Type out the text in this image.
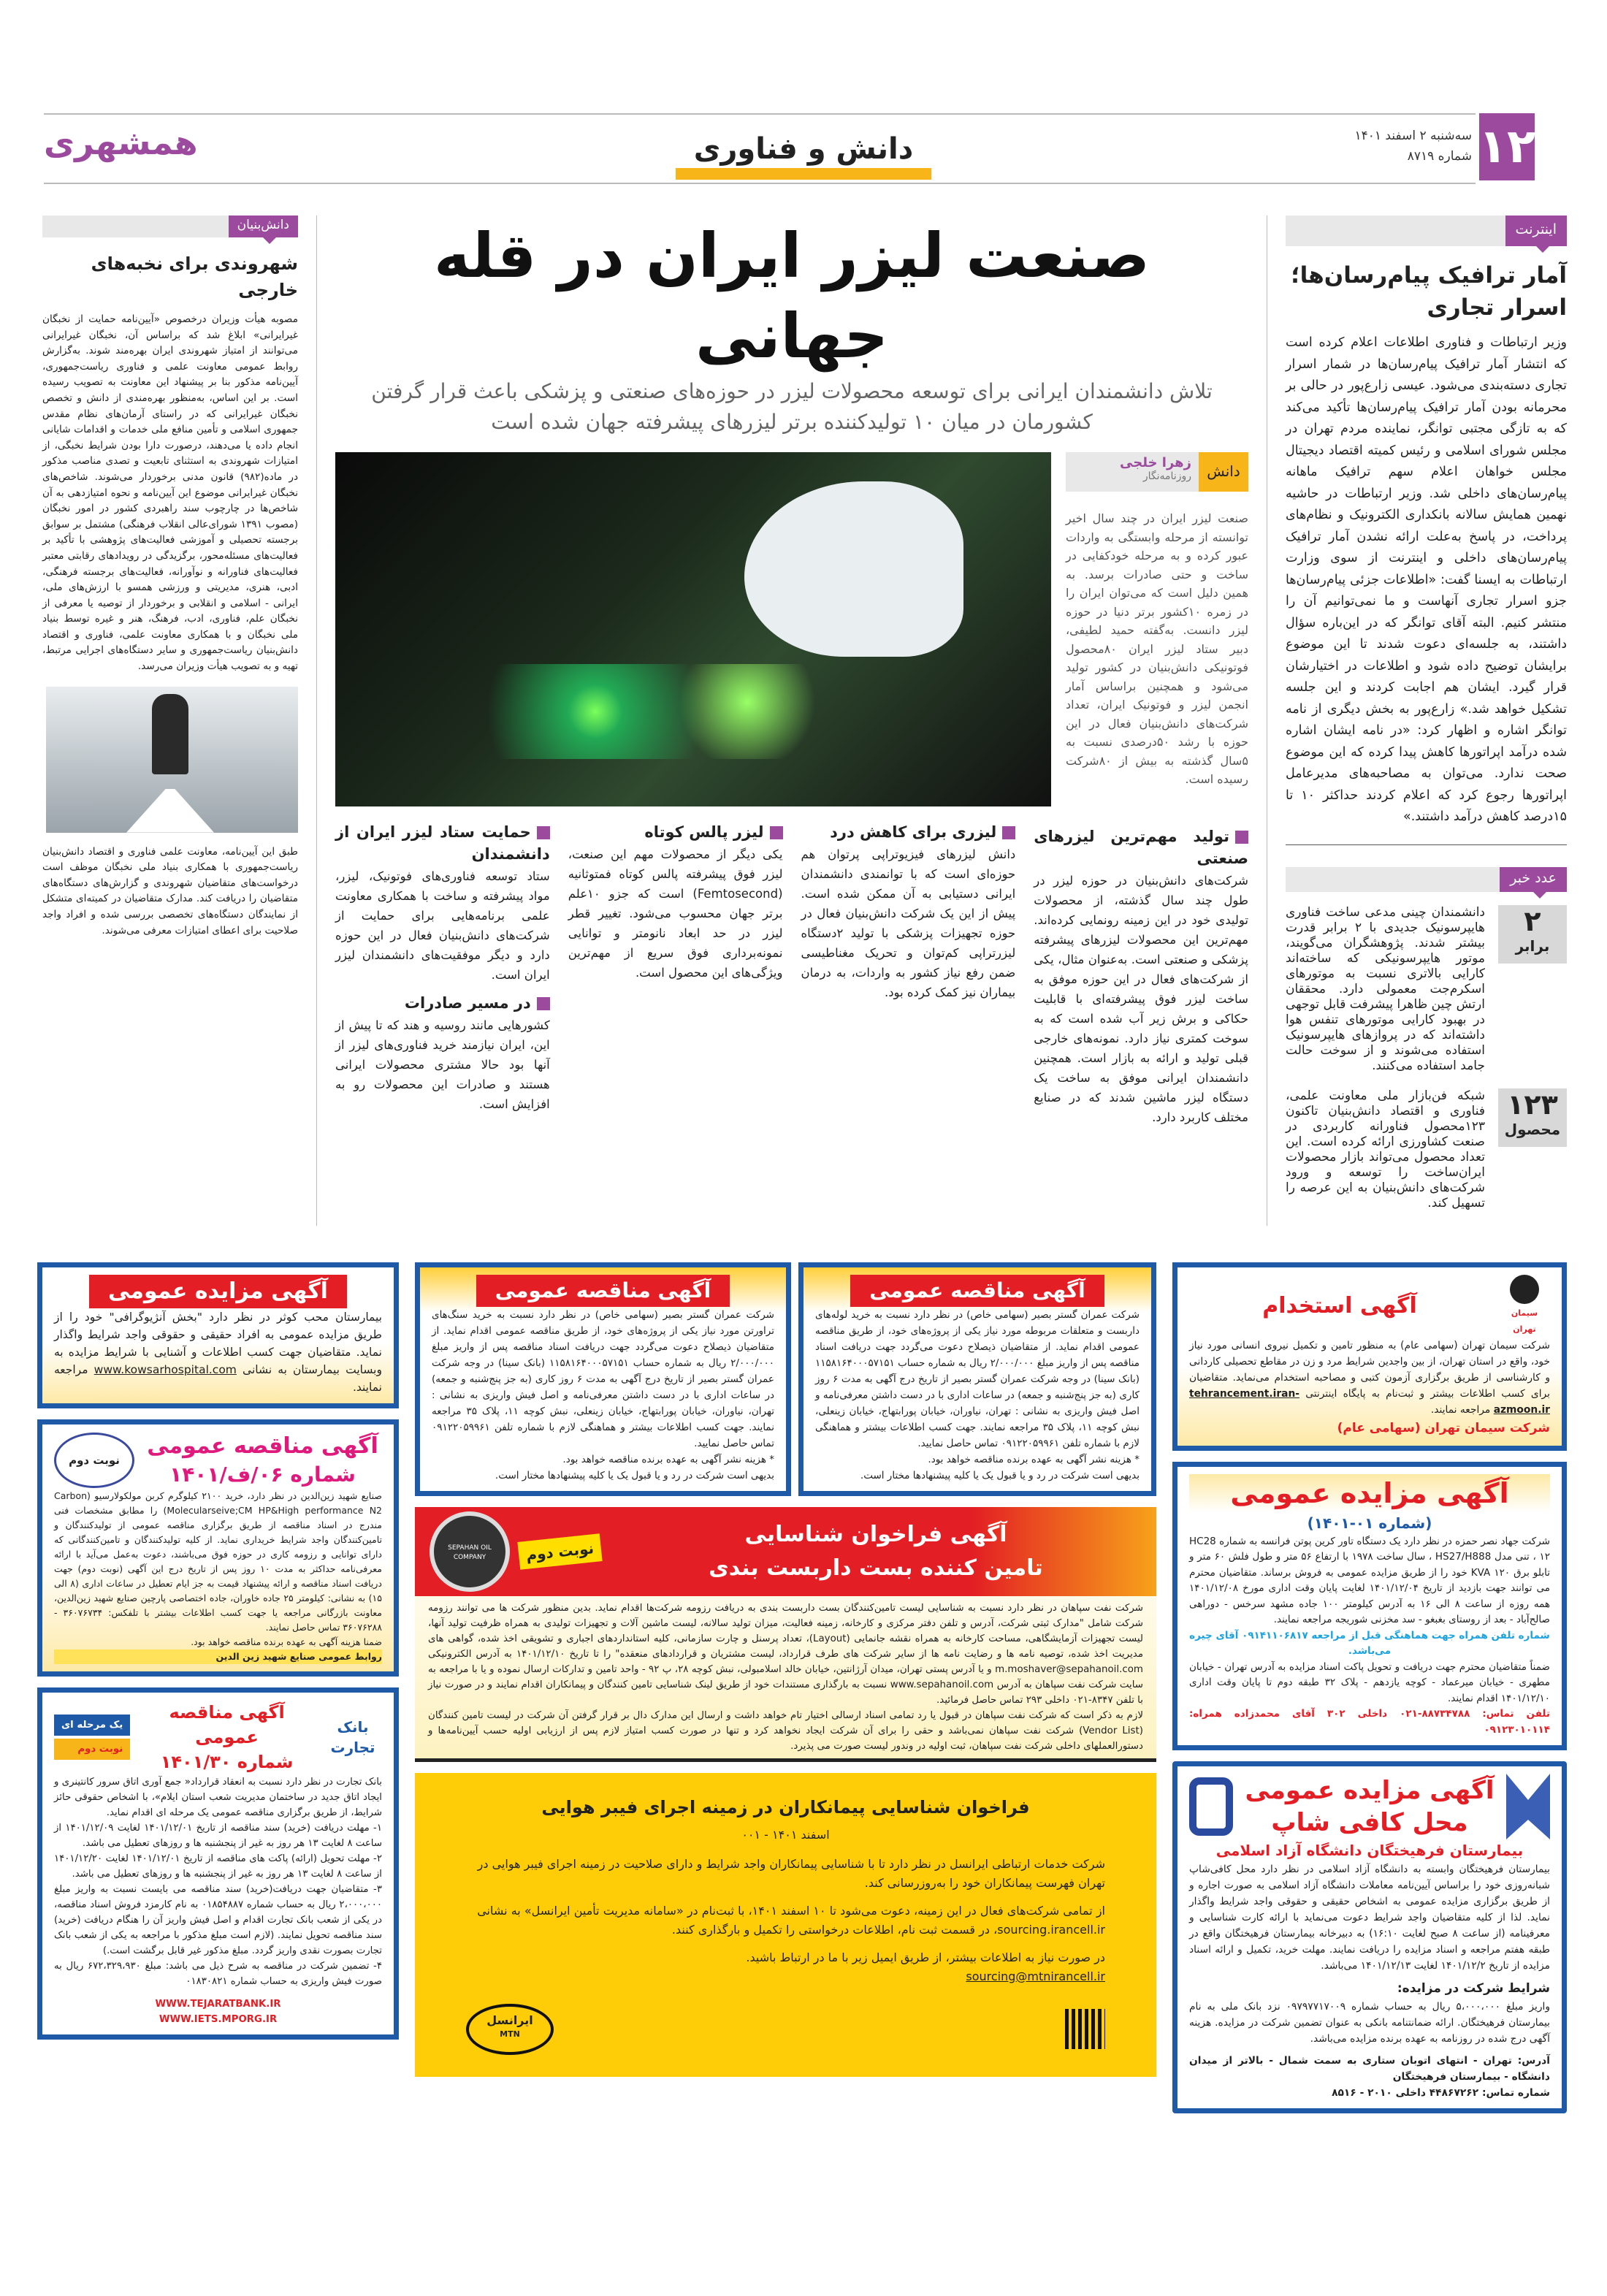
۱۲
سه‌شنبه ۲ اسفند ۱۴۰۱
شماره ۸۷۱۹
همشهری	دانش و فناوری
اینترنت
آمار ترافیک پیام‌رسان‌ها؛ اسرار تجاری
وزیر ارتباطات و فناوری اطلاعات اعلام کرده است که انتشار آمار ترافیک پیام‌رسان‌ها در شمار اسرار تجاری دسته‌بندی می‌شود. عیسی زارع‌پور در حالی بر محرمانه بودن آمار ترافیک پیام‌رسان‌ها تأکید می‌کند که به تازگی مجتبی توانگر، نماینده مردم تهران در مجلس شورای اسلامی و رئیس کمیته اقتصاد دیجیتال مجلس خواهان اعلام سهم ترافیک ماهانه پیام‌رسان‌های داخلی شد. وزیر ارتباطات در حاشیه نهمین همایش سالانه بانکداری الکترونیک و نظام‌های پرداخت، در پاسخ به‌علت ارائه نشدن آمار ترافیک پیام‌رسان‌های داخلی و اینترنت از سوی وزارت ارتباطات به ایسنا گفت: «اطلاعات جزئی پیام‌رسان‌ها جزو اسرار تجاری آنهاست و ما نمی‌توانیم آن را منتشر کنیم. البته آقای توانگر که در این‌باره سؤال داشتند، به جلسه‌ای دعوت شدند تا این موضوع برایشان توضیح داده شود و اطلاعات در اختیارشان قرار گیرد. ایشان هم اجابت کردند و این جلسه تشکیل خواهد شد.» زارع‌پور به بخش دیگری از نامه توانگر اشاره و اظهار کرد: «در نامه ایشان اشاره شده درآمد اپراتورها کاهش پیدا کرده که این موضوع صحت ندارد. می‌توان به مصاحبه‌های مدیرعامل اپراتورها رجوع کرد که اعلام کردند حداکثر ۱۰ تا ۱۵درصد کاهش درآمد داشتند.»
عدد خبر
۲
برابر
دانشمندان چینی مدعی ساخت فناوری هایپرسونیک جدیدی با ۲ برابر قدرت بیشتر شدند. پژوهشگران می‌گویند، موتور هایپرسونیکی که ساخته‌اند کارایی بالاتری نسبت به موتورهای اسکرم‌جت معمولی دارد. محققان ارتش چین ظاهرا پیشرفت قابل توجهی در بهبود کارایی موتورهای تنفس هوا داشته‌اند که در پروازهای هایپرسونیک استفاده می‌شوند و از سوخت حالت جامد استفاده می‌کنند.
۱۲۳
محصول
شبکه فن‌بازار ملی معاونت علمی، فناوری و اقتصاد دانش‌بنیان تاکنون ۱۲۳محصول فناورانه کاربردی در صنعت کشاورزی ارائه کرده است. این تعداد محصول می‌تواند بازار محصولات ایران‌ساخت را توسعه و ورود شرکت‌های دانش‌بنیان به این عرصه را تسهیل کند.
صنعت لیزر ایران در قله جهانی
تلاش دانشمندان ایرانی برای توسعه محصولات لیزر در حوزه‌های صنعتی و پزشکی باعث قرار گرفتن کشورمان در میان ۱۰ تولیدکننده برتر لیزرهای پیشرفته جهان شده است
دانش
زهرا خلجی
روزنامه‌نگار
صنعت لیزر ایران در چند سال اخیر توانسته از مرحله وابستگی به واردات عبور کرده و به مرحله خودکفایی در ساخت و حتی صادرات برسد. به همین دلیل است که می‌توان ایران را در زمره ۱۰کشور برتر دنیا در حوزه لیزر دانست. به‌گفته حمید لطیفی، دبیر ستاد لیزر ایران ۸۰محصول فوتونیکی دانش‌بنیان در کشور تولید می‌شود و همچنین براساس آمار انجمن لیزر و فوتونیک ایران، تعداد شرکت‌های دانش‌بنیان فعال در این حوزه با رشد ۵۰درصدی نسبت به ۵سال گذشته به بیش از ۸۰شرکت رسیده است.
تولید مهم‌ترین لیزرهای صنعتی
شرکت‌های دانش‌بنیان در حوزه لیزر در طول چند سال گذشته، از محصولات تولیدی خود در این زمینه رونمایی کرده‌اند. مهم‌ترین این محصولات لیزرهای پیشرفته پزشکی و صنعتی است. به‌عنوان مثال، یکی از شرکت‌های فعال در این حوزه موفق به ساخت لیزر فوق پیشرفته‌ای با قابلیت حکاکی و برش زیر آب شده است که به سوخت کمتری نیاز دارد. نمونه‌های خارجی قبلی تولید و ارائه به بازار است. همچنین دانشمندان ایرانی موفق به ساخت یک دستگاه لیزر ماشین شدند که در صنایع مختلف کاربرد دارد.
لیزری برای کاهش درد
دانش لیزرهای فیزیوتراپی پرتوان هم حوزه‌ای است که با توانمندی دانشمندان ایرانی دستیابی به آن ممکن شده است. پیش از این یک شرکت دانش‌بنیان فعال در حوزه تجهیزات پزشکی با تولید ۲دستگاه لیزرتراپی کم‌توان و تحریک مغناطیسی ضمن رفع نیاز کشور به واردات، به درمان بیماران نیز کمک کرده بود.
لیزر پالس کوتاه
یکی دیگر از محصولات مهم این صنعت، لیزر فوق پیشرفته پالس کوتاه فمتوثانیه (Femtosecond) است که جزو ۱۰علم برتر جهان محسوب می‌شود. تغییر قطر لیزر در حد ابعاد نانومتر و توانایی نمونه‌برداری فوق سریع از مهم‌ترین ویژگی‌های این محصول است.
حمایت ستاد لیزر ایران از دانشمندان
ستاد توسعه فناوری‌های فوتونیک، لیزر، مواد پیشرفته و ساخت با همکاری معاونت علمی برنامه‌هایی برای حمایت از شرکت‌های دانش‌بنیان فعال در این حوزه دارد و دیگر موفقیت‌های دانشمندان لیزر ایران است.
در مسیر صادرات
کشورهایی مانند روسیه و هند که تا پیش از این، ایران نیازمند خرید فناوری‌های لیزر از آنها بود حالا مشتری محصولات ایرانی هستند و صادرات این محصولات رو به افزایش است.
دانش‌بنیان
شهروندی برای نخبه‌های خارجی
مصوبه هیأت وزیران درخصوص «آیین‌نامه حمایت از نخبگان غیرایرانی» ابلاغ شد که براساس آن، نخبگان غیرایرانی می‌توانند از امتیاز شهروندی ایران بهره‌مند شوند. به‌گزارش روابط عمومی معاونت علمی و فناوری ریاست‌جمهوری، آیین‌نامه مذکور بنا بر پیشنهاد این معاونت به تصویب رسیده است. بر این اساس، به‌منظور بهره‌مندی از دانش و تخصص نخبگان غیرایرانی که در راستای آرمان‌های نظام مقدس جمهوری اسلامی و تأمین منافع ملی خدمات و اقدامات شایانی انجام داده یا می‌دهند، درصورت دارا بودن شرایط نخبگی، از امتیازات شهروندی به استثنای تابعیت و تصدی مناصب مذکور در ماده(۹۸۲) قانون مدنی برخوردار می‌شوند. شاخص‌های نخبگان غیرایرانی موضوع این آیین‌نامه و نحوه امتیازدهی به آن شاخص‌ها در چارچوب سند راهبردی کشور در امور نخبگان (مصوب ۱۳۹۱ شورای‌عالی انقلاب فرهنگی) مشتمل بر سوابق برجسته تحصیلی و آموزشی فعالیت‌های پژوهشی با تأکید بر فعالیت‌های مسئله‌محور، برگزیدگی در رویدادهای رقابتی معتبر فعالیت‌های فناورانه و نوآورانه، فعالیت‌های برجسته فرهنگی، ادبی، هنری، مدیریتی و ورزشی همسو با ارزش‌های ملی، ایرانی - اسلامی و انقلابی و برخوردار از توصیه یا معرفی از نخبگان علم، فناوری، ادب، فرهنگ، هنر و غیره توسط بنیاد ملی نخبگان و با همکاری معاونت علمی، فناوری و اقتصاد دانش‌بنیان ریاست‌جمهوری و سایر دستگاه‌های اجرایی مرتبط، تهیه و به تصویب هیأت وزیران می‌رسد.
طبق این آیین‌نامه، معاونت علمی فناوری و اقتصاد دانش‌بنیان ریاست‌جمهوری با همکاری بنیاد ملی نخبگان موظف است درخواست‌های متقاضیان شهروندی و گزارش‌های دستگاه‌های متقاضیان را دریافت کند. مدارک متقاضیان در کمیته‌ای متشکل از نمایندگان دستگاه‌های تخصصی بررسی شده و افراد واجد صلاحیت برای اعطای امتیازات معرفی می‌شوند.
سیمان تهران
آگهی استخدام
شرکت سیمان تهران (سهامی عام) به منظور تامین و تکمیل نیروی انسانی مورد نیاز خود، واقع در استان تهران، از بین واجدین شرایط مرد و زن در مقاطع تحصیلی کاردانی و کارشناسی از طریق برگزاری آزمون کتبی و مصاحبه استخدام می‌نماید. متقاضیان برای کسب اطلاعات بیشتر و ثبت‌نام به پایگاه اینترنتی tehrancement.iran-azmoon.ir مراجعه نمایند.
شرکت سیمان تهران (سهامی عام)
آگهی مزایده عمومی
(شماره ۰۱-۱۴۰۱)
شرکت جهاد نصر حمزه در نظر دارد یک دستگاه تاور کرین پوتن فرانسه به شماره HC28 ، ۱۲ تنی مدل HS27/H888 ، سال ساخت ۱۹۷۸ با ارتفاع ۵۶ متر و طول فلش ۶۰ متر و تابلو برق ۱۲۰ KVA خود را از طریق مزایده عمومی به فروش برساند. متقاضیان محترم می توانند جهت بازدید از تاریخ ۱۴۰۱/۱۲/۰۴ لغایت پایان وقت اداری مورخ ۱۴۰۱/۱۲/۰۸ همه روزه از ساعت ۸ الی ۱۶ به آدرس کیلومتر ۱۰۰ جاده مشهد سرخس - دوراهی صالح‌آباد - بعد از روستای بغبغو - سد مخزنی شوریجه مراجعه نمایند.
شماره تلفن همراه جهت هماهنگی قبل از مراجعه ۰۹۱۴۱۱۰۶۸۱۷ آقای چیره می‌باشد.
ضمناً متقاضیان محترم جهت دریافت و تحویل پاکت اسناد مزایده به آدرس تهران - خیابان مطهری - خیابان میرعماد - کوچه یازدهم - پلاک ۳۲ طبقه دوم تا پایان وقت اداری ۱۴۰۱/۱۲/۱۰ اقدام نمایند.
تلفن تماس: ۸۸۷۳۴۷۸۸-۰۲۱ داخلی ۳۰۲ آقای محمدزاده همراه: ۰۹۱۲۳۰۱۰۱۱۴
آگهی مزایده عمومی
محل کافی شاپ
بیمارستان فرهیختگان دانشگاه آزاد اسلامی
بیمارستان فرهیختگان وابسته به دانشگاه آزاد اسلامی در نظر دارد محل کافی‌شاپ شبانه‌روزی خود را براساس آیین‌نامه معاملات دانشگاه آزاد اسلامی به صورت اجاره و از طریق برگزاری مزایده عمومی به اشخاص حقیقی و حقوقی واجد شرایط واگذار نماید. لذا از کلیه متقاضیان واجد شرایط دعوت می‌نماید با ارائه کارت شناسایی و معرفینامه (از ساعت ۸ صبح لغایت ۱۶:۱۰) به دبیرخانه بیمارستان فرهیختگان واقع در طبقه هفتم مراجعه و اسناد مزایده را دریافت نمایند. مهلت خرید، تکمیل و ارائه اسناد مزایده از تاریخ ۱۴۰۱/۱۲/۲ لغایت ۱۴۰۱/۱۲/۱۳ می‌باشد.
شرایط شرکت در مزایده:
واریز مبلغ ۵،۰۰۰،۰۰۰ ریال به حساب شماره ۰۹۷۹۷۷۱۷۰۰۹ نزد بانک ملی به نام بیمارستان فرهیختگان. ارائه ضمانتنامه بانکی به عنوان تضمین شرکت در مزایده. هزینه آگهی درج شده در روزنامه به عهده برنده مزایده می‌باشد.
آدرس: تهران - انتهای اتوبان ستاری به سمت شمال - بالاتر از میدان دانشگاه - بیمارستان فرهیختگان
شماره تماس: ۴۴۸۶۷۲۶۲ داخلی ۲۰۱۰ - ۸۵۱۶
آگهی مناقصه عمومی
شرکت عمران گستر بصیر (سهامی خاص) در نظر دارد نسبت به خرید لوله‌های داربست و متعلقات مربوطه مورد نیاز یکی از پروژه‌های خود، از طریق مناقصه عمومی اقدام نماید. از متقاضیان ذیصلاح دعوت می‌گردد جهت دریافت اسناد مناقصه پس از واریز مبلغ ۲/۰۰۰/۰۰۰ ریال به شماره حساب ۱۱۵۸۱۶۴۰۰۰۵۷۱۵۱ (بانک سینا) در وجه شرکت عمران گستر بصیر از تاریخ درج آگهی به مدت ۶ روز کاری (به جز پنج‌شنبه و جمعه) در ساعات اداری با در دست داشتن معرفی‌نامه و اصل فیش واریزی به نشانی : تهران، نیاوران، خیابان پورابتهاج، خیابان زینعلی، نبش کوچه ۱۱، پلاک ۳۵ مراجعه نمایند. جهت کسب اطلاعات بیشتر و هماهنگی لازم با شماره تلفن ۰۹۱۲۲۰۵۹۹۶۱ تماس حاصل نمایید.
* هزینه نشر آگهی به عهده برنده مناقصه خواهد بود.
بدیهی است شرکت در رد و یا قبول یک یا کلیه پیشنهادها مختار است.
آگهی مناقصه عمومی
شرکت عمران گستر بصیر (سهامی خاص) در نظر دارد نسبت به خرید سنگ‌های تراورتن مورد نیاز یکی از پروژه‌های خود، از طریق مناقصه عمومی اقدام نماید. از متقاضیان ذیصلاح دعوت می‌گردد جهت دریافت اسناد مناقصه پس از واریز مبلغ ۲/۰۰۰/۰۰۰ ریال به شماره حساب ۱۱۵۸۱۶۴۰۰۰۵۷۱۵۱ (بانک سینا) در وجه شرکت عمران گستر بصیر از تاریخ درج آگهی به مدت ۶ روز کاری (به جز پنج‌شنبه و جمعه) در ساعات اداری با در دست داشتن معرفی‌نامه و اصل فیش واریزی به نشانی : تهران، نیاوران، خیابان پورابتهاج، خیابان زینعلی، نبش کوچه ۱۱، پلاک ۳۵ مراجعه نمایند. جهت کسب اطلاعات بیشتر و هماهنگی لازم با شماره تلفن ۰۹۱۲۲۰۵۹۹۶۱ تماس حاصل نمایید.
* هزینه نشر آگهی به عهده برنده مناقصه خواهد بود.
بدیهی است شرکت در رد و یا قبول یک یا کلیه پیشنهادها مختار است.
آگهی فراخوان شناسایی
تامین کننده بست داربست بندی
نوبت دوم
SEPAHAN OIL COMPANY
شرکت نفت سپاهان در نظر دارد نسبت به شناسایی لیست تامین‌کنندگان بست داربست بندی به دریافت رزومه شرکت‌ها اقدام نماید. بدین منظور شرکت ها می توانند رزومه شرکت شامل "مدارک ثبتی شرکت، آدرس و تلفن دفتر مرکزی و کارخانه، زمینه فعالیت، میزان تولید سالانه، لیست ماشین آلات و تجهیزات تولیدی به همراه ظرفیت تولید آنها، لیست تجهیزات آزمایشگاهی، مساحت کارخانه به همراه نقشه جانمایی (Layout)، تعداد پرسنل و چارت سازمانی، کلیه استانداردهای اجباری و تشویقی اخذ شده، گواهی های مدیریت اخذ شده، توصیه نامه ها و رضایت نامه ها از سایر شرکت های طرف قرارداد، لیست مشتریان و قراردادهای منعقده" را تا تاریخ ۱۴۰۱/۱۲/۱۰ به آدرس الکترونیکی m.moshaver@sepahanoil.com و یا آدرس پستی تهران، میدان آرژانتین، خیابان خالد اسلامبولی، نبش کوچه ۲۸، پ ۹۲ - واحد تامین و تدارکات ارسال نموده و یا با مراجعه به سایت شرکت نفت سپاهان به آدرس www.sepahanoil.com نسبت به بارگذاری مستندات خود از طریق لینک شناسایی تامین کنندگان و پیمانکاران اقدام نمایند و در صورت نیاز با تلفن ۸۳۴۷-۰۲۱ داخلی ۲۹۳ تماس حاصل فرمائید.
لازم به ذکر است که شرکت نفت سپاهان در قبول یا رد تمامی اسناد ارسالی اختیار تام خواهد داشت و ارسال این مدارک دال بر قرار گرفتن آن شرکت در لیست تامین کنندگان (Vendor List) شرکت نفت سپاهان نمی‌باشد و حقی را برای آن شرکت ایجاد نخواهد کرد و تنها در صورت کسب امتیاز لازم پس از ارزیابی اولیه حسب آیین‌نامه‌ها و دستورالعملهای داخلی شرکت نفت سپاهان، ثبت اولیه در وندور لیست صورت می پذیرد.
فراخوان شناسایی پیمانکاران در زمینه اجرای فیبر هوایی
اسفند ۱۴۰۱ - ۰۰۱
شرکت خدمات ارتباطی ایرانسل در نظر دارد تا با شناسایی پیمانکاران واجد شرایط و دارای صلاحیت در زمینه اجرای فیبر هوایی در تهران فهرست پیمانکاران خود را به‌روزرسانی کند.
از تمامی شرکت‌های فعال در این زمینه، دعوت می‌شود تا ۱۰ اسفند ۱۴۰۱، با ثبت‌نام در «سامانه مدیریت تأمین ایرانسل» به نشانی sourcing.irancell.ir، در قسمت ثبت نام، اطلاعات درخواستی را تکمیل و بارگذاری کنند.
در صورت نیاز به اطلاعات بیشتر، از طریق ایمیل زیر با ما در ارتباط باشید.
sourcing@mtnirancell.ir
ایرانسل
MTN
آگهی مزایده عمومی
بیمارستان محب کوثر در نظر دارد "بخش آنژیوگرافی" خود را از طریق مزایده عمومی به افراد حقیقی و حقوقی واجد شرایط واگذار نماید. متقاضیان جهت کسب اطلاعات و آشنایی با شرایط مزایده به وبسایت بیمارستان به نشانی www.kowsarhospital.com مراجعه نمایند.
آگهی مناقصه عمومی
شماره ۰۶/ف/۱۴۰۱
نوبت دوم
صنایع شهید زین‌الدین در نظر دارد، خرید ۲۱۰۰ کیلوگرم کربن مولکولارسیو (Carbon Molecularseive;CM HP&High performance N2) را مطابق مشخصات فنی مندرج در اسناد مناقصه از طریق برگزاری مناقصه عمومی از تولیدکنندگان و تامین‌کنندگان واجد شرایط خریداری نماید. از کلیه تولیدکنندگان و تامین‌کنندگانی که دارای توانایی و رزومه کاری در حوزه فوق می‌باشند، دعوت به‌عمل می‌آید با ارائه معرفی‌نامه حداکثر به مدت ۱۰ روز پس از تاریخ درج این آگهی (نوبت دوم) جهت دریافت اسناد مناقصه و ارائه پیشنهاد قیمت به جز ایام تعطیل در ساعات اداری (۸ الی ۱۵) به نشانی: کیلومتر ۲۵ جاده خاوران، جاده اختصاصی پارچین صنایع شهید زین‌الدین، معاونت بازرگانی مراجعه یا جهت کسب اطلاعات بیشتر با تلفکس: ۳۶۰۷۶۷۳۴ - ۳۶۰۷۶۲۸۸ تماس حاصل نمایند.
ضمنا هزینه آگهی به عهده برنده مناقصه خواهد بود.
روابط عمومی صنایع شهید زین الدین
بانک تجارت
آگهی مناقصه عمومی
شماره ۱۴۰۱/۳۰
یک مرحله ای
نوبت دوم
بانک تجارت در نظر دارد نسبت به انعقاد قرارداد« جمع آوری اتاق سرور کانتینری و ایجاد اتاق جدید در ساختمان مدیریت شعب استان ایلام»، با اشخاص حقوقی حائز شرایط، از طریق برگزاری مناقصه عمومی یک مرحله ای اقدام نماید.
۱- مهلت دریافت (خرید) سند مناقصه از تاریخ ۱۴۰۱/۱۲/۰۱ لغایت ۱۴۰۱/۱۲/۰۹ از ساعت ۸ لغایت ۱۳ هر روز به غیر از پنجشنبه ها و روزهای تعطیل می باشد.
۲- مهلت تحویل (ارائه) پاکت های مناقصه از تاریخ ۱۴۰۱/۱۲/۰۱ لغایت ۱۴۰۱/۱۲/۲۰ از ساعت ۸ لغایت ۱۳ هر روز به غیر از پنجشنبه ها و روزهای تعطیل می باشد.
۳- متقاضیان جهت دریافت(خرید) سند مناقصه می بایست نسبت به واریز مبلغ ۲،۰۰۰،۰۰۰ ریال به حساب شماره ۰۱۸۵۴۸۸۷ به نام کارمزد فروش اسناد مناقصه، در یکی از شعب بانک تجارت اقدام و اصل فیش واریز آن را هنگام دریافت (خرید) سند مناقصه تحویل نمایند. (لازم است مبلغ مذکور با مراجعه به یکی از شعب بانک تجارت بصورت نقدی واریز گردد. مبلغ مذکور غیر قابل برگشت است.)
۴- تضمین شرکت در مناقصه به شرح ذیل می باشد: مبلغ ۶۷۲،۳۲۹،۹۳۰ ریال به صورت فیش واریزی به حساب شماره ۰۱۸۳۰۸۲۱
WWW.TEJARATBANK.IR
WWW.IETS.MPORG.IR
